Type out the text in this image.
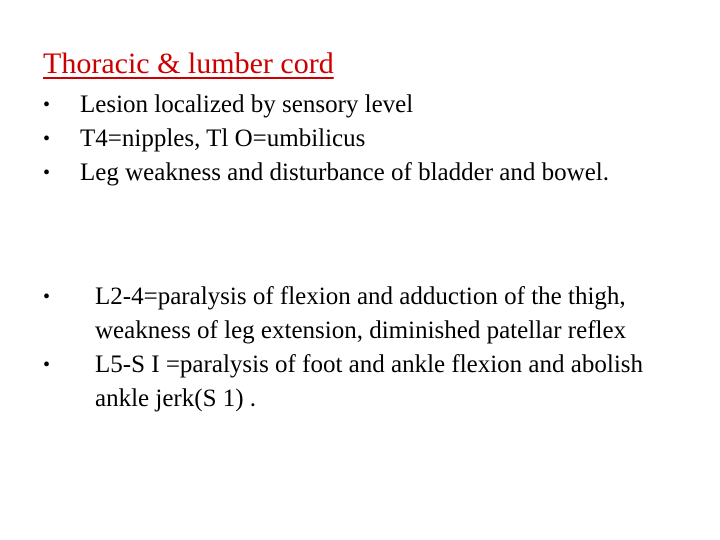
Thoracic & lumber cord
• Lesion localized by sensory level
• T4=nipples, Tl O=umbilicus
• Leg weakness and disturbance of bladder and bowel.
• L2-4=paralysis of flexion and adduction of the thigh, weakness of leg extension, diminished patellar reflex
• L5-S I =paralysis of foot and ankle flexion and abolish ankle jerk(S 1) .
